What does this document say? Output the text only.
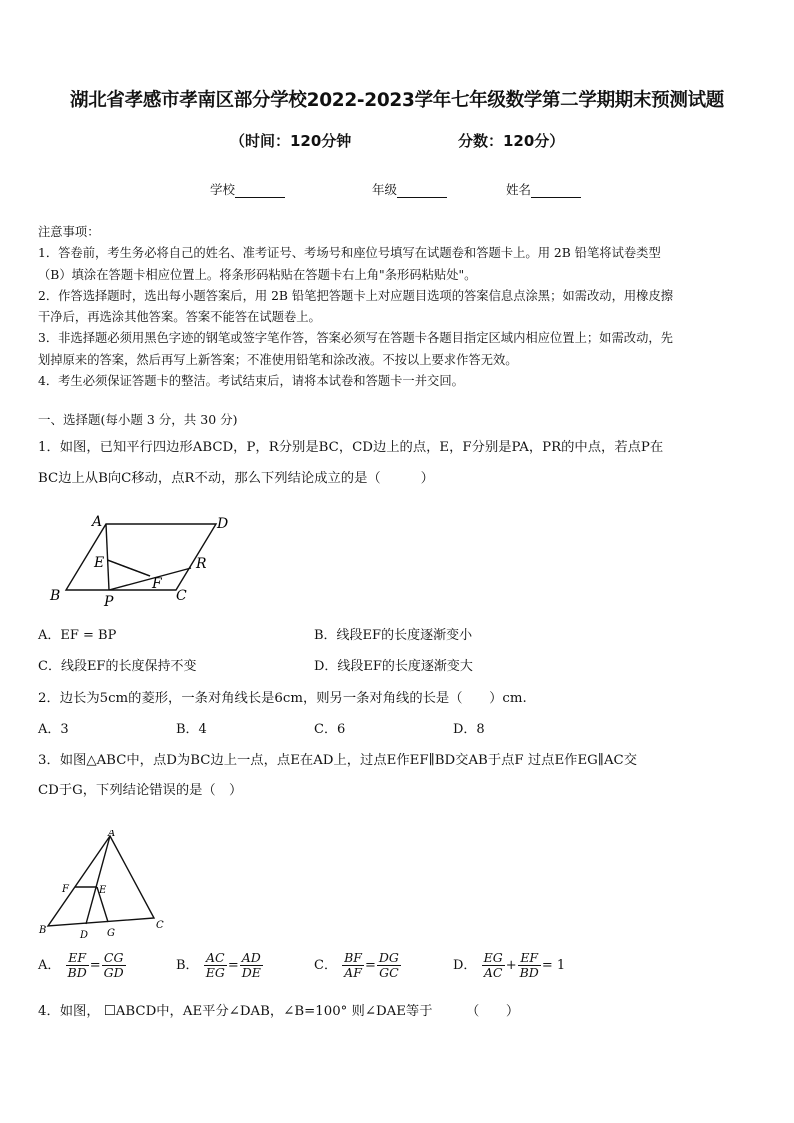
湖北省孝感市孝南区部分学校2022-2023学年七年级数学第二学期期末预测试题
（时间：120分钟	分数：120分）
学校	年级	姓名
注意事项：
1．答卷前，考生务必将自己的姓名、准考证号、考场号和座位号填写在试题卷和答题卡上。用 2B 铅笔将试卷类型
（B）填涂在答题卡相应位置上。将条形码粘贴在答题卡右上角"条形码粘贴处"。
2．作答选择题时，选出每小题答案后，用 2B 铅笔把答题卡上对应题目选项的答案信息点涂黑；如需改动，用橡皮擦
干净后，再选涂其他答案。答案不能答在试题卷上。
3．非选择题必须用黑色字迹的钢笔或签字笔作答，答案必须写在答题卡各题目指定区域内相应位置上；如需改动，先
划掉原来的答案，然后再写上新答案；不准使用铅笔和涂改液。不按以上要求作答无效。
4．考生必须保证答题卡的整洁。考试结束后，请将本试卷和答题卡一并交回。
一、选择题(每小题 3 分，共 30 分)
1．如图，已知平行四边形ABCD，P，R分别是BC，CD边上的点，E，F分别是PA，PR的中点，若点P在
BC边上从B向C移动，点R不动，那么下列结论成立的是（　　　）
A	D
E	R
F
B	P	C
A．EF = BP	B．线段EF的长度逐渐变小
C．线段EF的长度保持不变	D．线段EF的长度逐渐变大
2．边长为5cm的菱形，一条对角线长是6cm，则另一条对角线的长是（　　）cm.
A．3	B．4	C．6	D．8
3．如图△ABC中，点D为BC边上一点，点E在AD上，过点E作EF∥BD交AB于点F 过点E作EG∥AC交
CD于G，下列结论错误的是（　）
A
F	E
B	D G
C
A． $\frac{EF}{BD} = \frac{CG}{GD}$	B． $\frac{AC}{EG} = \frac{AD}{DE}$	C． $\frac{BF}{AF} = \frac{DG}{GC}$	D． $\frac{EG}{AC} + \frac{EF}{BD} = 1$
4．如图， ☐ABCD中，AE平分∠DAB，∠B=100° 则∠DAE等于	（　　）
